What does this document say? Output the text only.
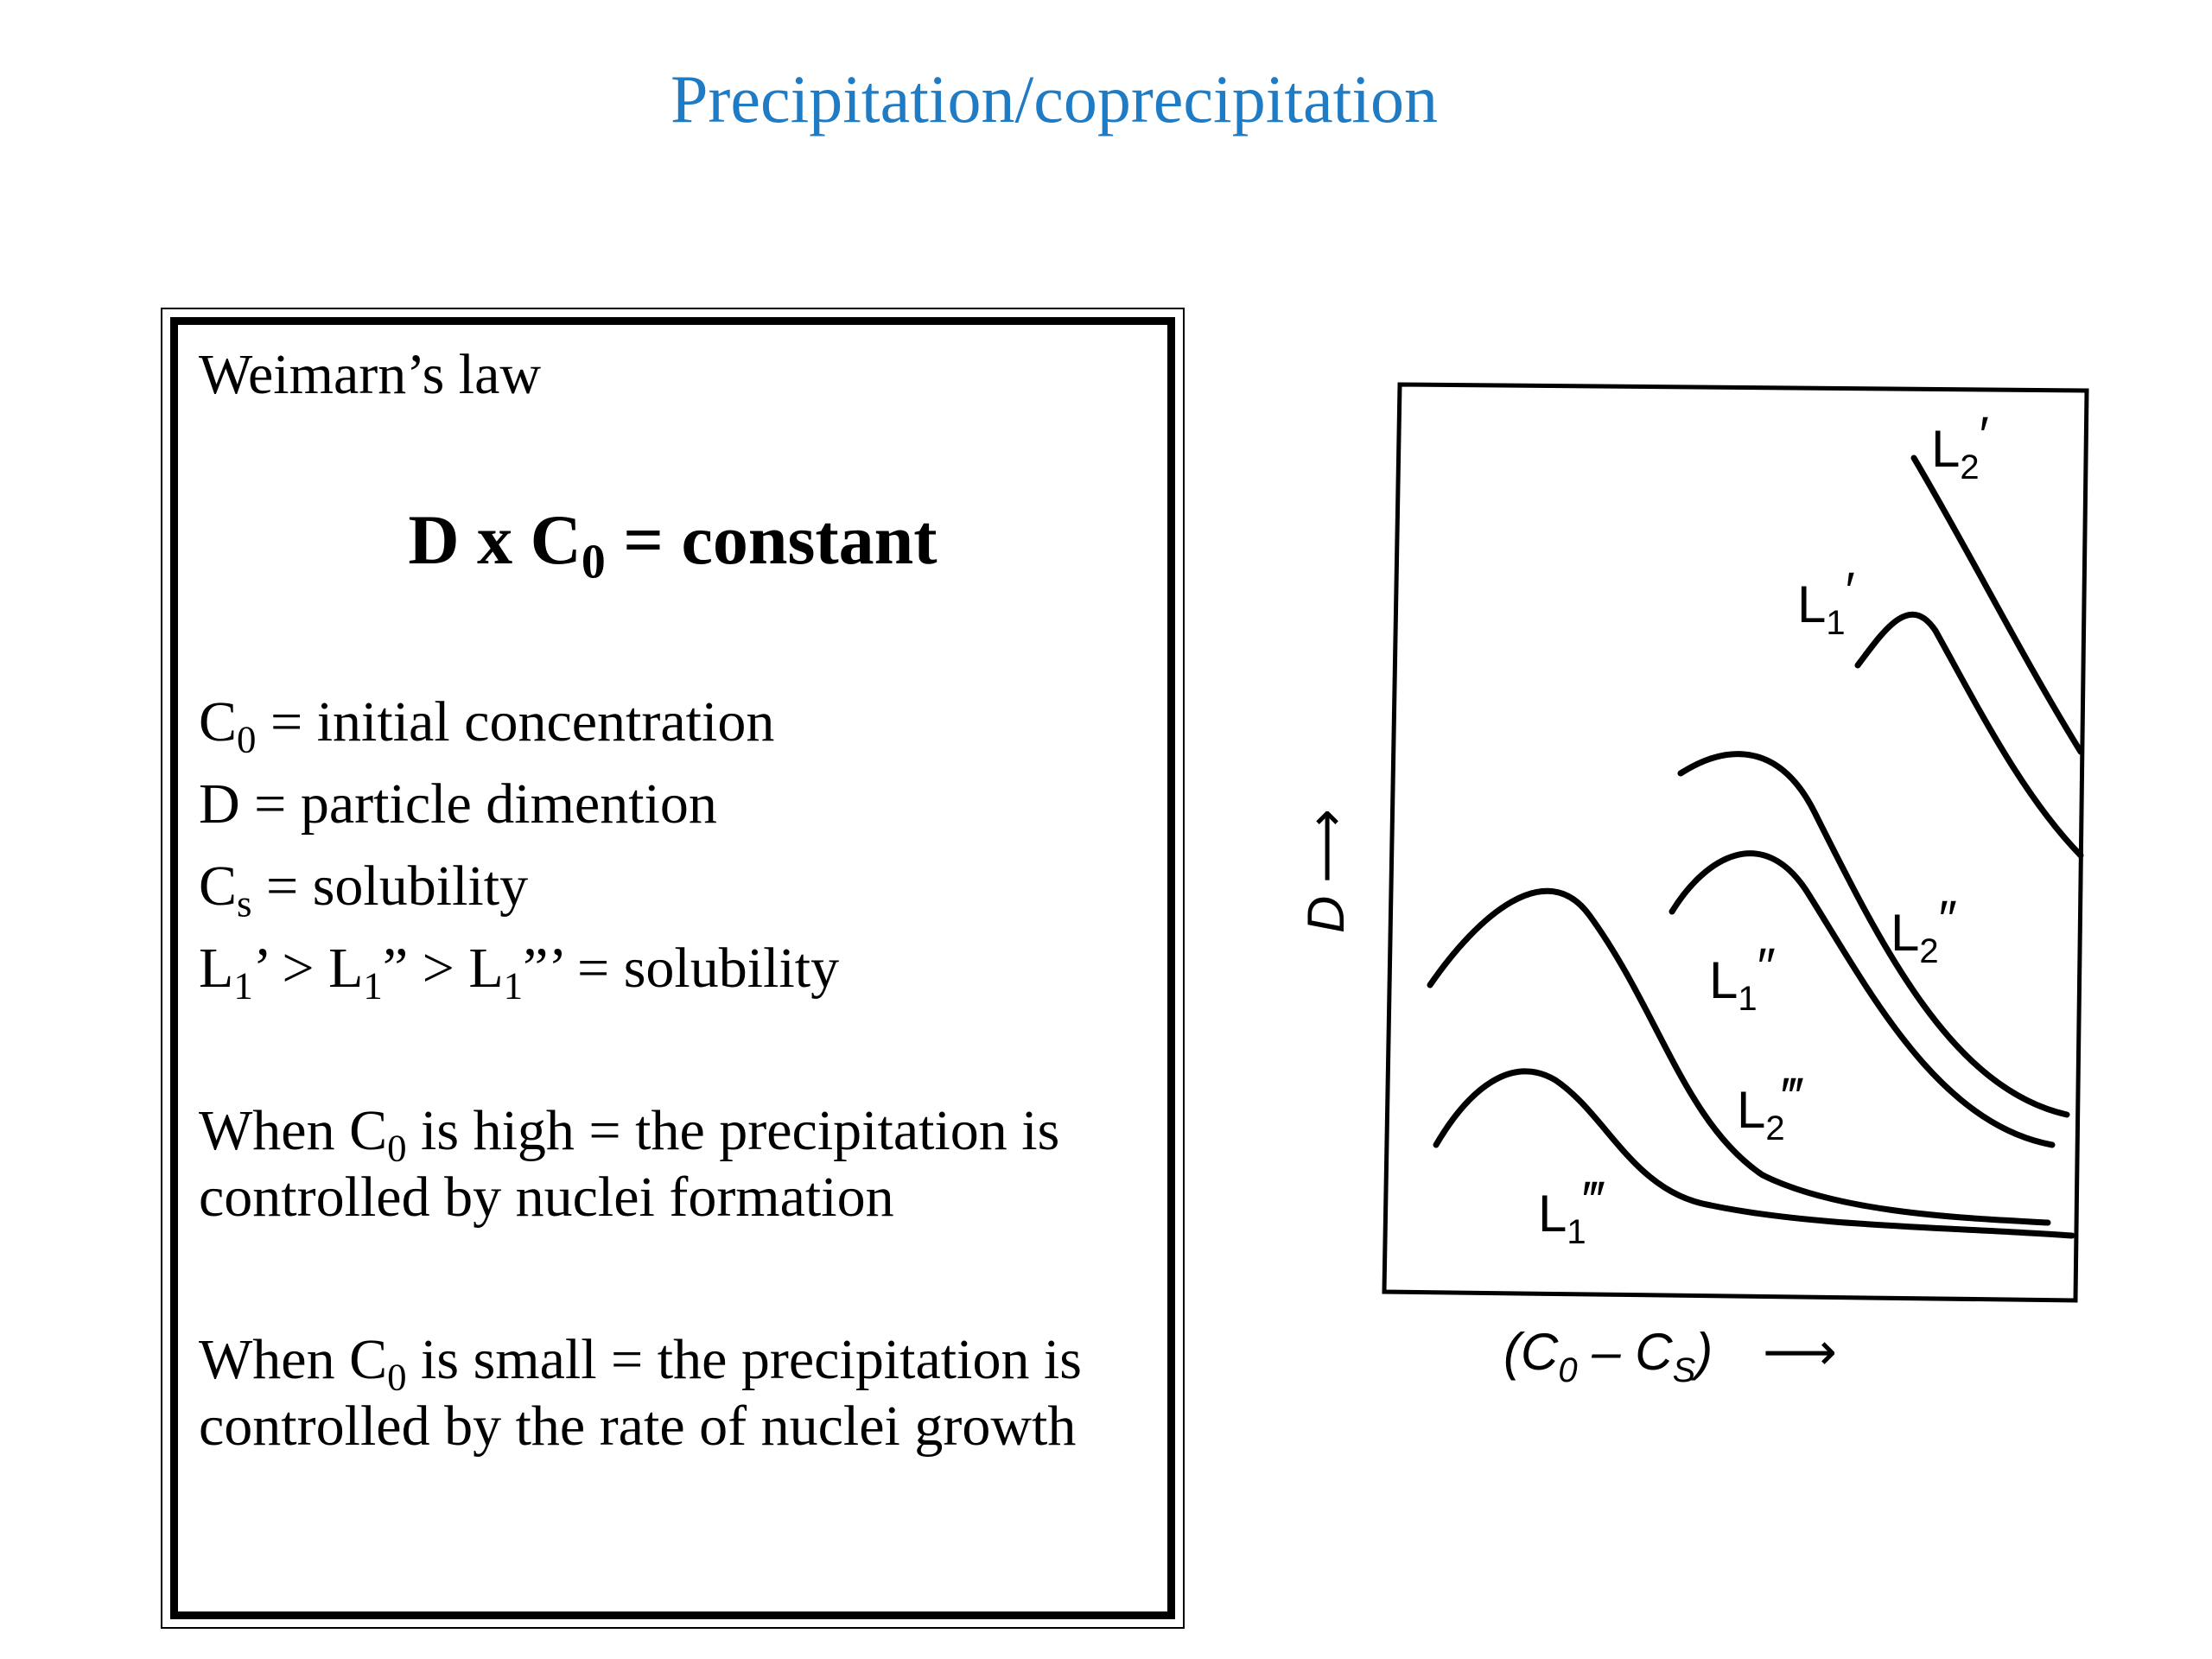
Precipitation/coprecipitation
Weimarn’s law
D x $C_0$ = constant
$C_0$ = initial concentration
D = particle dimention
$C_s$ = solubility
$L_1$’ > $L_1$” > $L_1$”’ = solubility
When $C_0$ is high = the precipitation is controlled by nuclei formation
When $C_0$ is small = the precipitation is controlled by the rate of nuclei growth
$L_2'$
$L_1'$
$L_2''$
$L_1''$
$L_2‴$
$L_1‴$
D
⟶
$(C_0 - C_S)$ ⟶
